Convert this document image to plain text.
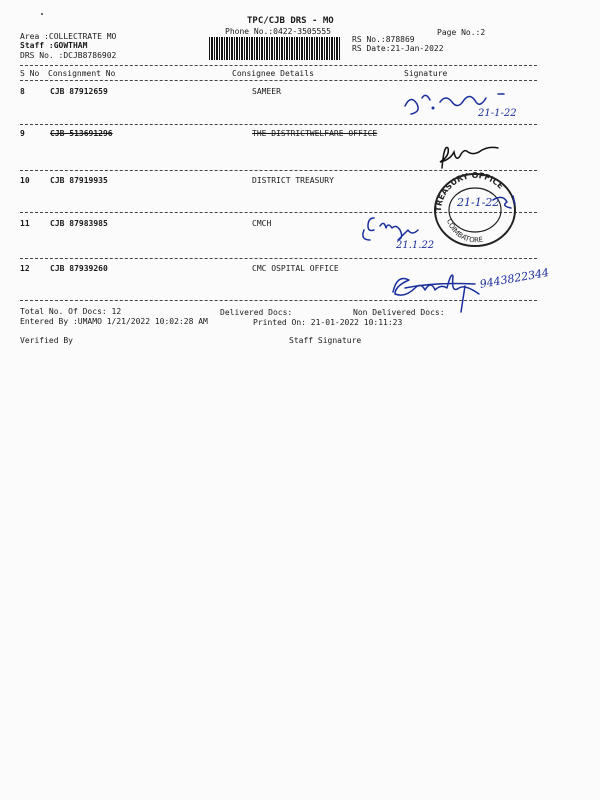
TPC/CJB DRS - MO
Phone No.:0422-3505555	Page No.:2
Area :COLLECTRATE MO
Staff :GOWTHAM
DRS No. :DCJB8786902
RS No.:878869
RS Date:21-Jan-2022
S No Consignment No	Consignee Details	Signature
8	CJB 87912659	SAMEER
9	CJB 513691296	THE DISTRICTWELFARE OFFICE
10	CJB 87919935	DISTRICT TREASURY
11	CJB 87983985	CMCH
12	CJB 87939260	CMC OSPITAL OFFICE
Total No. Of Docs: 12	Delivered Docs:	Non Delivered Docs:
Entered By :UMAMO 1/21/2022 10:02:28 AM	Printed On: 21-01-2022 10:11:23
Verified By	Staff Signature
21-1-22
TREASURY OFFICE
COIMBATORE
21-1-22
21.1.22
9443822344
